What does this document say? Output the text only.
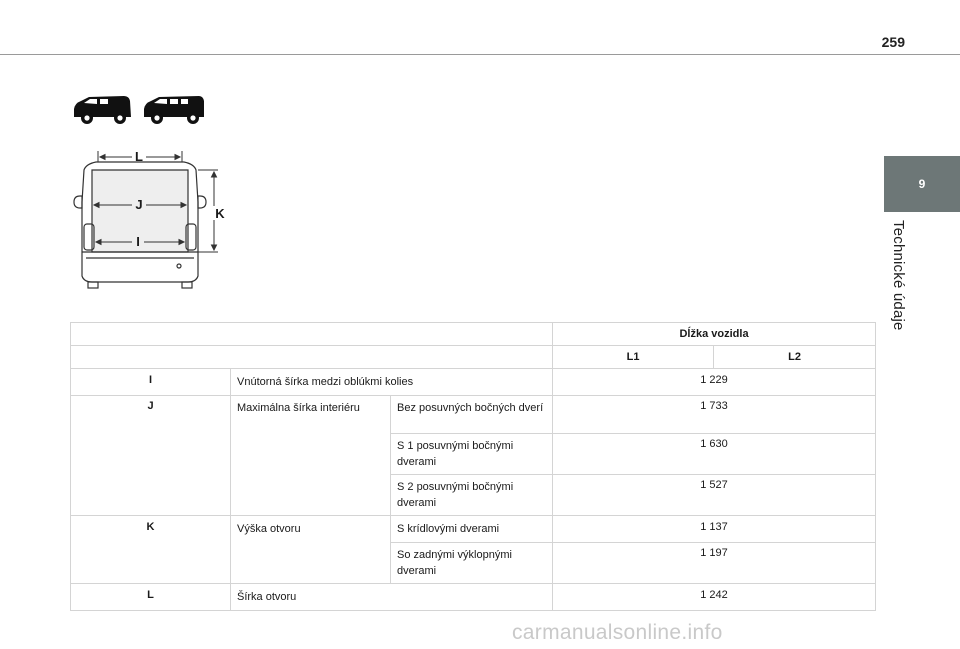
259
9
Technické údaje
L
J
I
K
			Dĺžka vozidla	
			L1	L2
I	Vnútorná šírka medzi oblúkmi kolies		1 229	
J	Maximálna šírka interiéru	Bez posuvných bočných dverí	1 733	
		S 1 posuvnými bočnými dverami	1 630	
		S 2 posuvnými bočnými dverami	1 527	
K	Výška otvoru	S krídlovými dverami	1 137	
		So zadnými výklopnými dverami	1 197	
L	Šírka otvoru		1 242	
carmanualsonline.info
